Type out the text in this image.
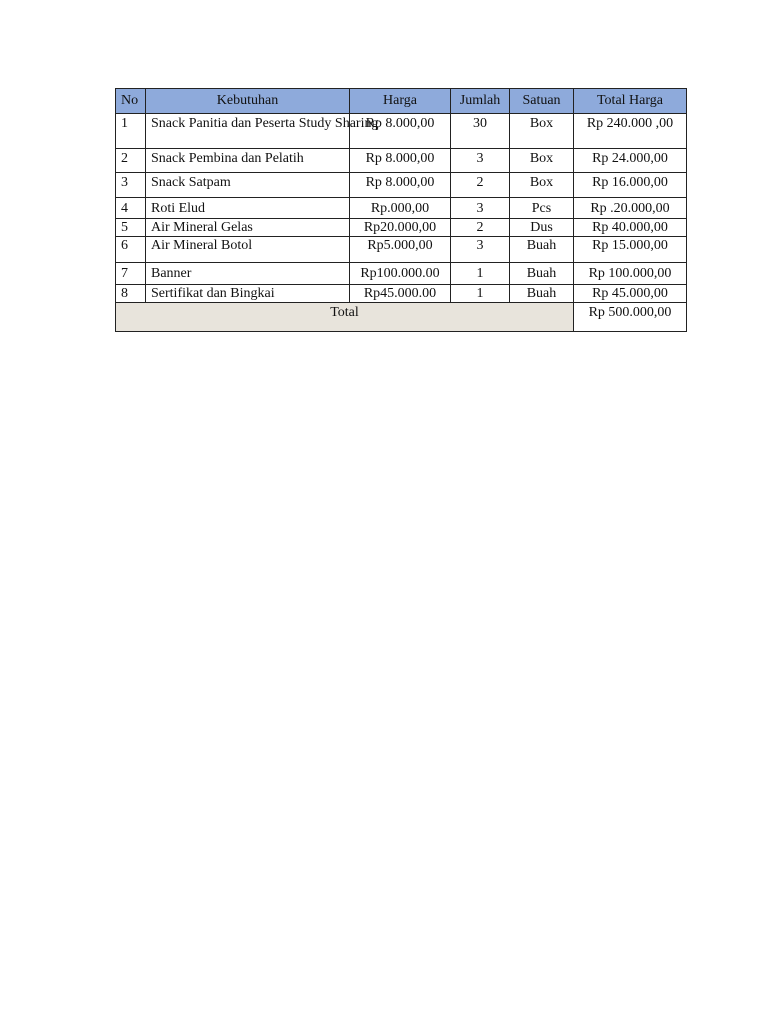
No	Kebutuhan	Harga	Jumlah	Satuan	Total Harga
1	Snack Panitia dan Peserta Study Sharing	Rp 8.000,00	30	Box	Rp 240.000 ,00
2	Snack Pembina dan Pelatih	Rp 8.000,00	3	Box	Rp 24.000,00
3	Snack Satpam	Rp 8.000,00	2	Box	Rp 16.000,00
4	Roti Elud	Rp.000,00	3	Pcs	Rp .20.000,00
5	Air Mineral Gelas	Rp20.000,00	2	Dus	Rp 40.000,00
6	Air Mineral Botol	Rp5.000,00	3	Buah	Rp 15.000,00
7	Banner	Rp100.000.00	1	Buah	Rp 100.000,00
8	Sertifikat dan Bingkai	Rp45.000.00	1	Buah	Rp 45.000,00
Total					Rp 500.000,00
